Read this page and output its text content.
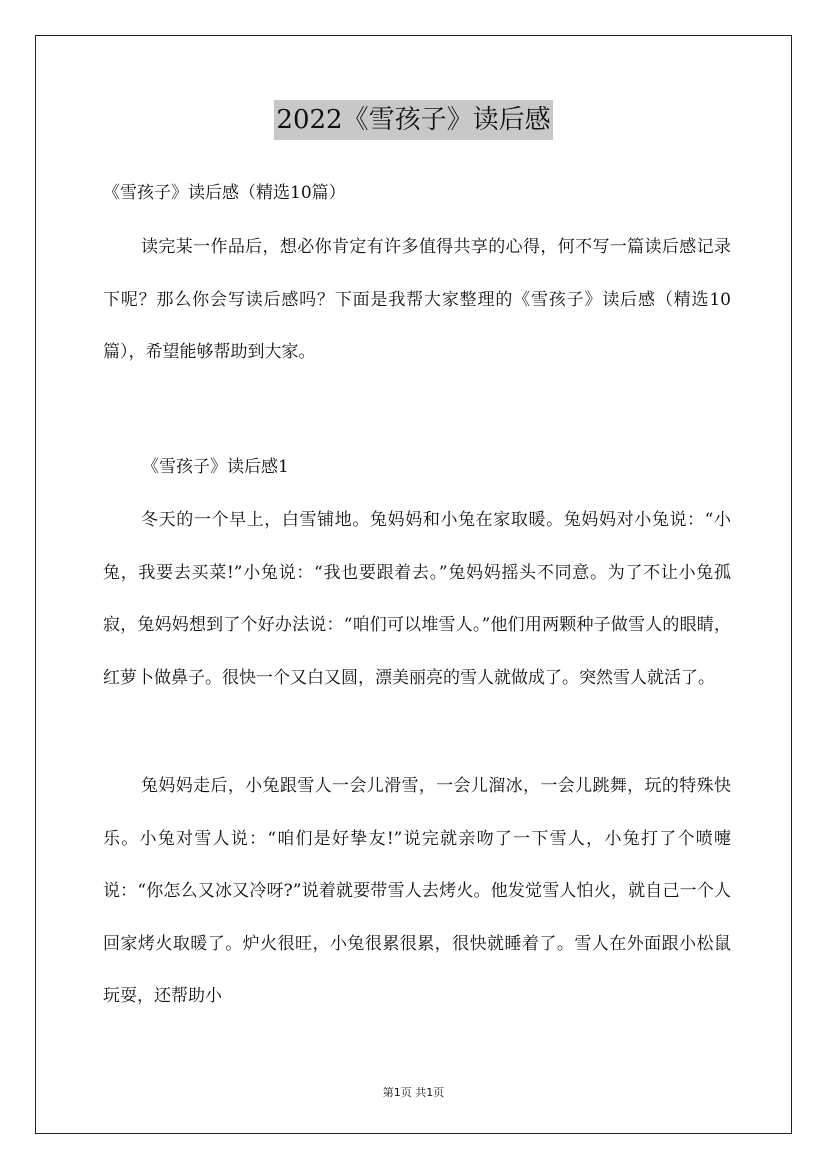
2022《雪孩子》读后感
《雪孩子》读后感（精选10篇）

读完某一作品后，想必你肯定有许多值得共享的心得，何不写一篇读后感记录下呢？那么你会写读后感吗？下面是我帮大家整理的《雪孩子》读后感（精选10篇），希望能够帮助到大家。

《雪孩子》读后感1

冬天的一个早上，白雪铺地。兔妈妈和小兔在家取暖。兔妈妈对小兔说：“小兔，我要去买菜!”小兔说：“我也要跟着去。”兔妈妈摇头不同意。为了不让小兔孤寂，兔妈妈想到了个好办法说：“咱们可以堆雪人。”他们用两颗种子做雪人的眼睛，红萝卜做鼻子。很快一个又白又圆，漂美丽亮的雪人就做成了。突然雪人就活了。

兔妈妈走后，小兔跟雪人一会儿滑雪，一会儿溜冰，一会儿跳舞，玩的特殊快乐。小兔对雪人说：“咱们是好挚友!”说完就亲吻了一下雪人，小兔打了个喷嚏说：“你怎么又冰又冷呀?”说着就要带雪人去烤火。他发觉雪人怕火，就自己一个人回家烤火取暖了。炉火很旺，小兔很累很累，很快就睡着了。雪人在外面跟小松鼠玩耍，还帮助小

第1页 共1页
